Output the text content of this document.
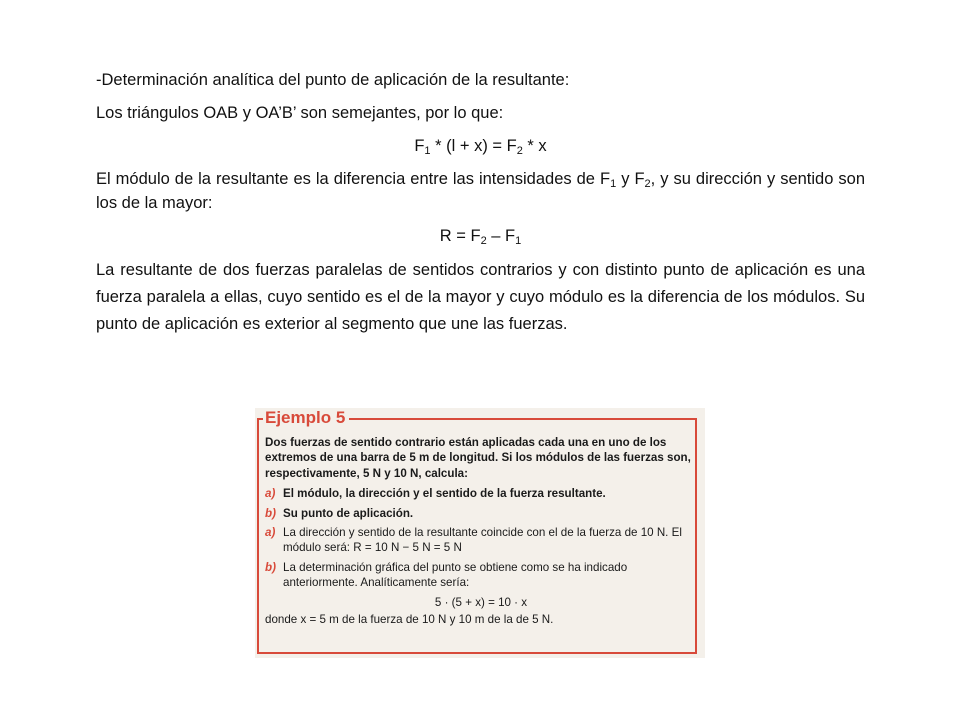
-Determinación analítica del punto de aplicación de la resultante:

Los triángulos OAB y OA’B’ son semejantes, por lo que:

$F_1 * (l + x) = F_2 * x$

El módulo de la resultante es la diferencia entre las intensidades de $F_1$ y $F_2$, y su dirección y sentido son los de la mayor:

$R = F_2 - F_1$

La resultante de dos fuerzas paralelas de sentidos contrarios y con distinto punto de aplicación es una fuerza paralela a ellas, cuyo sentido es el de la mayor y cuyo módulo es la diferencia de los módulos. Su punto de aplicación es exterior al segmento que une las fuerzas.

Ejemplo 5

Dos fuerzas de sentido contrario están aplicadas cada una en uno de los extremos de una barra de 5 m de longitud. Si los módulos de las fuerzas son, respectivamente, 5 N y 10 N, calcula:

a) El módulo, la dirección y el sentido de la fuerza resultante.
b) Su punto de aplicación.
a) La dirección y sentido de la resultante coincide con el de la fuerza de 10 N. El módulo será: R = 10 N − 5 N = 5 N
b) La determinación gráfica del punto se obtiene como se ha indicado anteriormente. Analíticamente sería:
5 · (5 + x) = 10 · x
donde x = 5 m de la fuerza de 10 N y 10 m de la de 5 N.
